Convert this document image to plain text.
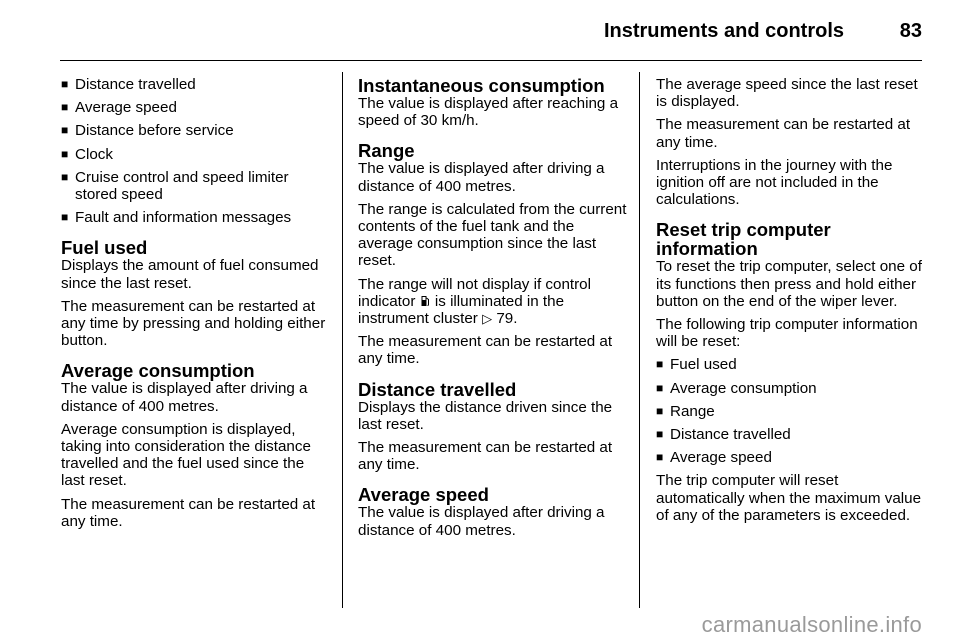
Instruments and controls	83
■ Distance travelled
■ Average speed
■ Distance before service
■ Clock
■ Cruise control and speed limiter stored speed
■ Fault and information messages

Fuel used

Displays the amount of fuel consumed since the last reset.

The measurement can be restarted at any time by pressing and holding either button.

Average consumption

The value is displayed after driving a distance of 400 metres.

Average consumption is displayed, taking into consideration the distance travelled and the fuel used since the last reset.

The measurement can be restarted at any time.

Instantaneous consumption

The value is displayed after reaching a speed of 30 km/h.

Range

The value is displayed after driving a distance of 400 metres.

The range is calculated from the current contents of the fuel tank and the average consumption since the last reset.

The range will not display if control indicator is illuminated in the instrument cluster ▷ 79.

The measurement can be restarted at any time.

Distance travelled

Displays the distance driven since the last reset.

The measurement can be restarted at any time.

Average speed

The value is displayed after driving a distance of 400 metres.

The average speed since the last reset is displayed.

The measurement can be restarted at any time.

Interruptions in the journey with the ignition off are not included in the calculations.

Reset trip computer information

To reset the trip computer, select one of its functions then press and hold either button on the end of the wiper lever.

The following trip computer information will be reset:

■ Fuel used
■ Average consumption
■ Range
■ Distance travelled
■ Average speed

The trip computer will reset automatically when the maximum value of any of the parameters is exceeded.

carmanualsonline.info
